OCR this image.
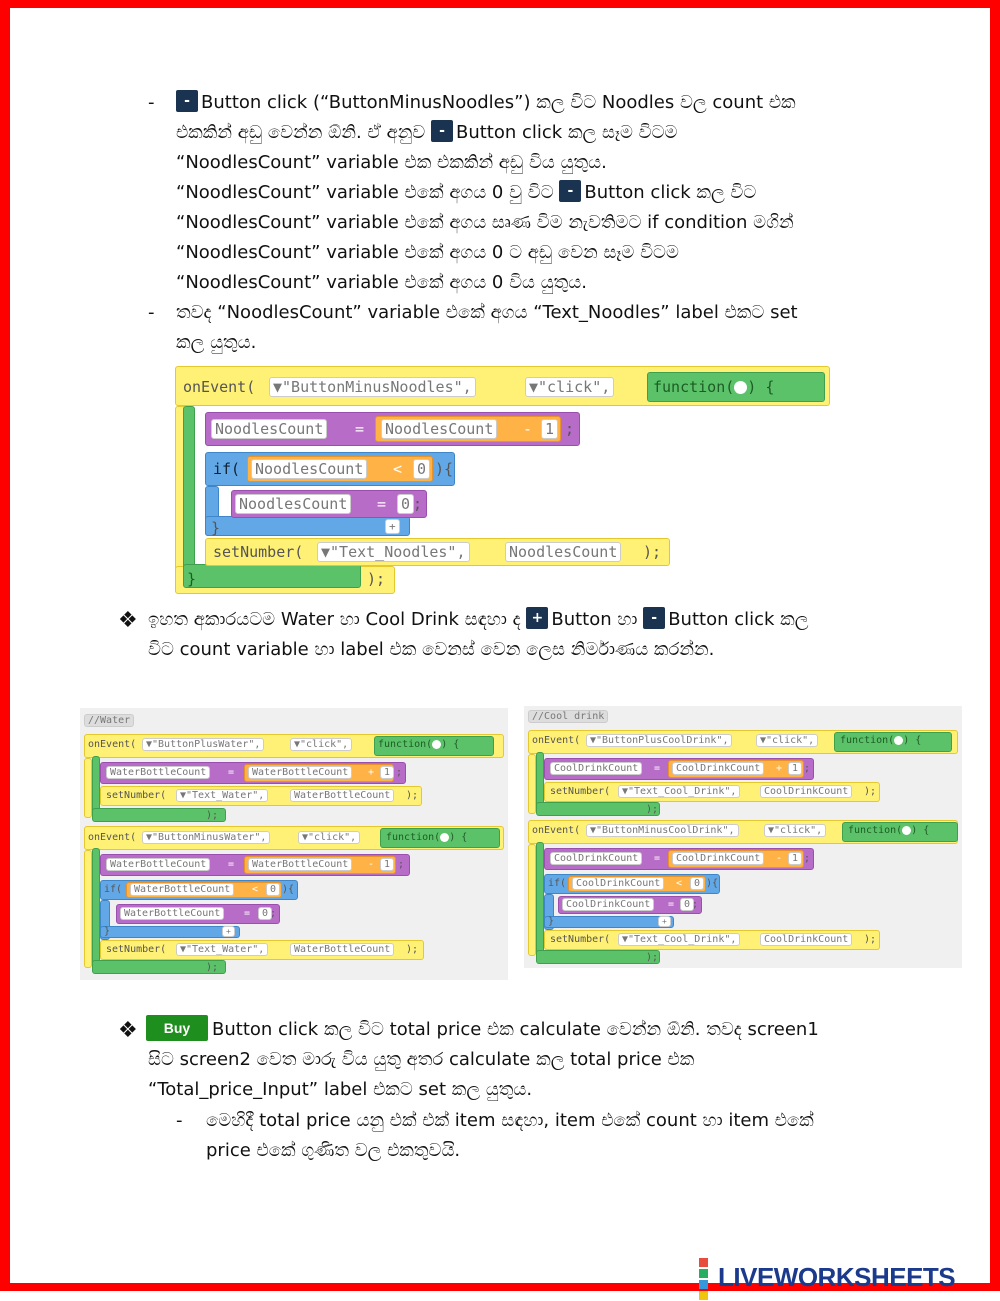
-	- Button click (“ButtonMinusNoodles”) කල විට Noodles වල count එක
එකකින් අඩු වෙන්න ඕනි. ඒ අනුව - Button click කල සෑම විටම
“NoodlesCount” variable එක එකකින් අඩු විය යුතුය.
“NoodlesCount” variable එකේ අගය 0 වු විට - Button click කල විට
“NoodlesCount” variable එකේ අගය සෘණ විම නැවතිමට if condition මගින්
“NoodlesCount” variable එකේ අගය 0 ට අඩු වෙන සෑම විටම
“NoodlesCount” variable එකේ අගය 0 විය යුතුය.
- තවද “NoodlesCount” variable එකේ අගය “Text_Noodles” label එකට set
කල යුතුය.
onEvent( ▼"ButtonMinusNoodles",	▼"click",	function( ) {
}	);
NoodlesCount = NoodlesCount - 1 ;
if( NoodlesCount < 0 ){
NoodlesCount = 0 ;
}	+
setNumber( ▼"Text_Noodles",	NoodlesCount );
❖ ඉහත අකාරයටම Water හා Cool Drink සඳහා ද + Button හා - Button click කල
විට count variable හා label එක වෙනස් වෙන ලෙස නිර්මාණය කරන්න.
//Water
onEvent( ▼"ButtonPlusWater",	▼"click",	function( ) {
WaterBottleCount	=	WaterBottleCount	+ 1 ;
setNumber(	▼"Text_Water",	WaterBottleCount	);
);
onEvent( ▼"ButtonMinusWater",	▼"click",	function( ) {
WaterBottleCount	=	WaterBottleCount	- 1 ;
if(	WaterBottleCount	<	0 ){
WaterBottleCount	=	0 ;
}	+
setNumber(	▼"Text_Water",	WaterBottleCount	);
);
//Cool drink
onEvent( ▼"ButtonPlusCoolDrink",	▼"click",	function( ) {
CoolDrinkCount	=	CoolDrinkCount	+ 1 ;
setNumber(	▼"Text_Cool_Drink",	CoolDrinkCount	);
);
onEvent( ▼"ButtonMinusCoolDrink",	▼"click",	function( ) {
CoolDrinkCount	=	CoolDrinkCount	- 1 ;
if( CoolDrinkCount	<	0 ){
CoolDrinkCount	= 0 ;
}	+
setNumber(	▼"Text_Cool_Drink",	CoolDrinkCount	);
);
❖	Buy Button click කල විට total price එක calculate වෙන්න ඕනි. තවද screen1
සිට screen2 වෙත මාරු විය යුතු අතර calculate කල total price එක
“Total_price_Input” label එකට set කල යුතුය.
- මෙහිදී total price යනු එක් එක් item සඳහා, item එකේ count හා item එකේ
price එකේ ගුණිත වල එකතුවයි.
LIVEWORKSHEETS
